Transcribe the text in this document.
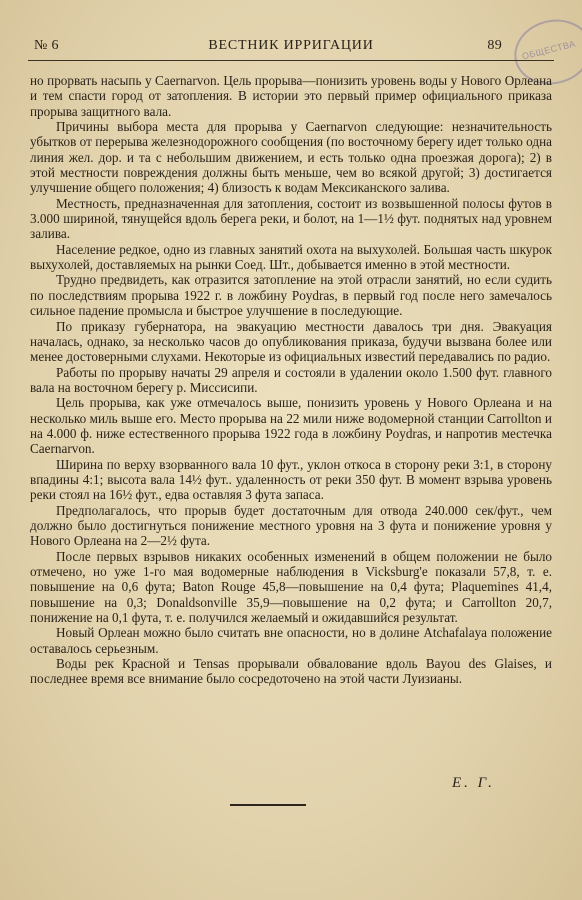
ОБЩЕСТВА
№ 6	ВЕСТНИК ИРРИГАЦИИ	89

но прорвать насыпь у Caernarvon. Цель прорыва—понизить уровень воды у Нового Орлеана и тем спасти город от затопления. В истории это первый пример официального приказа прорыва защитного вала.

Причины выбора места для прорыва у Caernarvon следующие: незначительность убытков от перерыва железнодорожного сообщения (по восточному берегу идет только одна линия жел. дор. и та с небольшим движением, и есть только одна проезжая дорога); 2) в этой местности повреждения должны быть меньше, чем во всякой другой; 3) достигается улучшение общего положения; 4) близость к водам Мексиканского залива.

Местность, предназначенная для затопления, состоит из возвышенной полосы футов в 3.000 шириной, тянущейся вдоль берега реки, и болот, на 1—1½ фут. поднятых над уровнем залива.

Население редкое, одно из главных занятий охота на выхухолей. Большая часть шкурок выхухолей, доставляемых на рынки Соед. Шт., добывается именно в этой местности.

Трудно предвидеть, как отразится затопление на этой отрасли занятий, но если судить по последствиям прорыва 1922 г. в ложбину Poydras, в первый год после него замечалось сильное падение промысла и быстрое улучшение в последующие.

По приказу губернатора, на эвакуацию местности давалось три дня. Эвакуация началась, однако, за несколько часов до опубликования приказа, будучи вызвана более или менее достоверными слухами. Некоторые из официальных известий передавались по радио.

Работы по прорыву начаты 29 апреля и состояли в удалении около 1.500 фут. главного вала на восточном берегу р. Миссисипи.

Цель прорыва, как уже отмечалось выше, понизить уровень у Нового Орлеана и на несколько миль выше его. Место прорыва на 22 мили ниже водомерной станции Carrollton и на 4.000 ф. ниже естественного прорыва 1922 года в ложбину Poydras, и напротив местечка Caernarvon.

Ширина по верху взорванного вала 10 фут., уклон откоса в сторону реки 3:1, в сторону впадины 4:1; высота вала 14½ фут.. удаленность от реки 350 фут. В момент взрыва уровень реки стоял на 16½ фут., едва оставляя 3 фута запаса.

Предполагалось, что прорыв будет достаточным для отвода 240.000 сек/фут., чем должно было достигнуться понижение местного уровня на 3 фута и понижение уровня у Нового Орлеана на 2—2½ фута.

После первых взрывов никаких особенных изменений в общем положении не было отмечено, но уже 1-го мая водомерные наблюдения в Vicksburg'е показали 57,8, т. е. повышение на 0,6 фута; Baton Rouge 45,8—повышение на 0,4 фута; Plaquemines 41,4, повышение на 0,3; Donaldsonville 35,9—повышение на 0,2 фута; и Carrollton 20,7, понижение на 0,1 фута, т. е. получился желаемый и ожидавшийся результат.

Новый Орлеан можно было считать вне опасности, но в долине Atchafalaya положение оставалось серьезным.

Воды рек Красной и Tensas прорывали обвалование вдоль Bayou des Glaises, и последнее время все внимание было сосредоточено на этой части Луизианы.

Е. Г.
